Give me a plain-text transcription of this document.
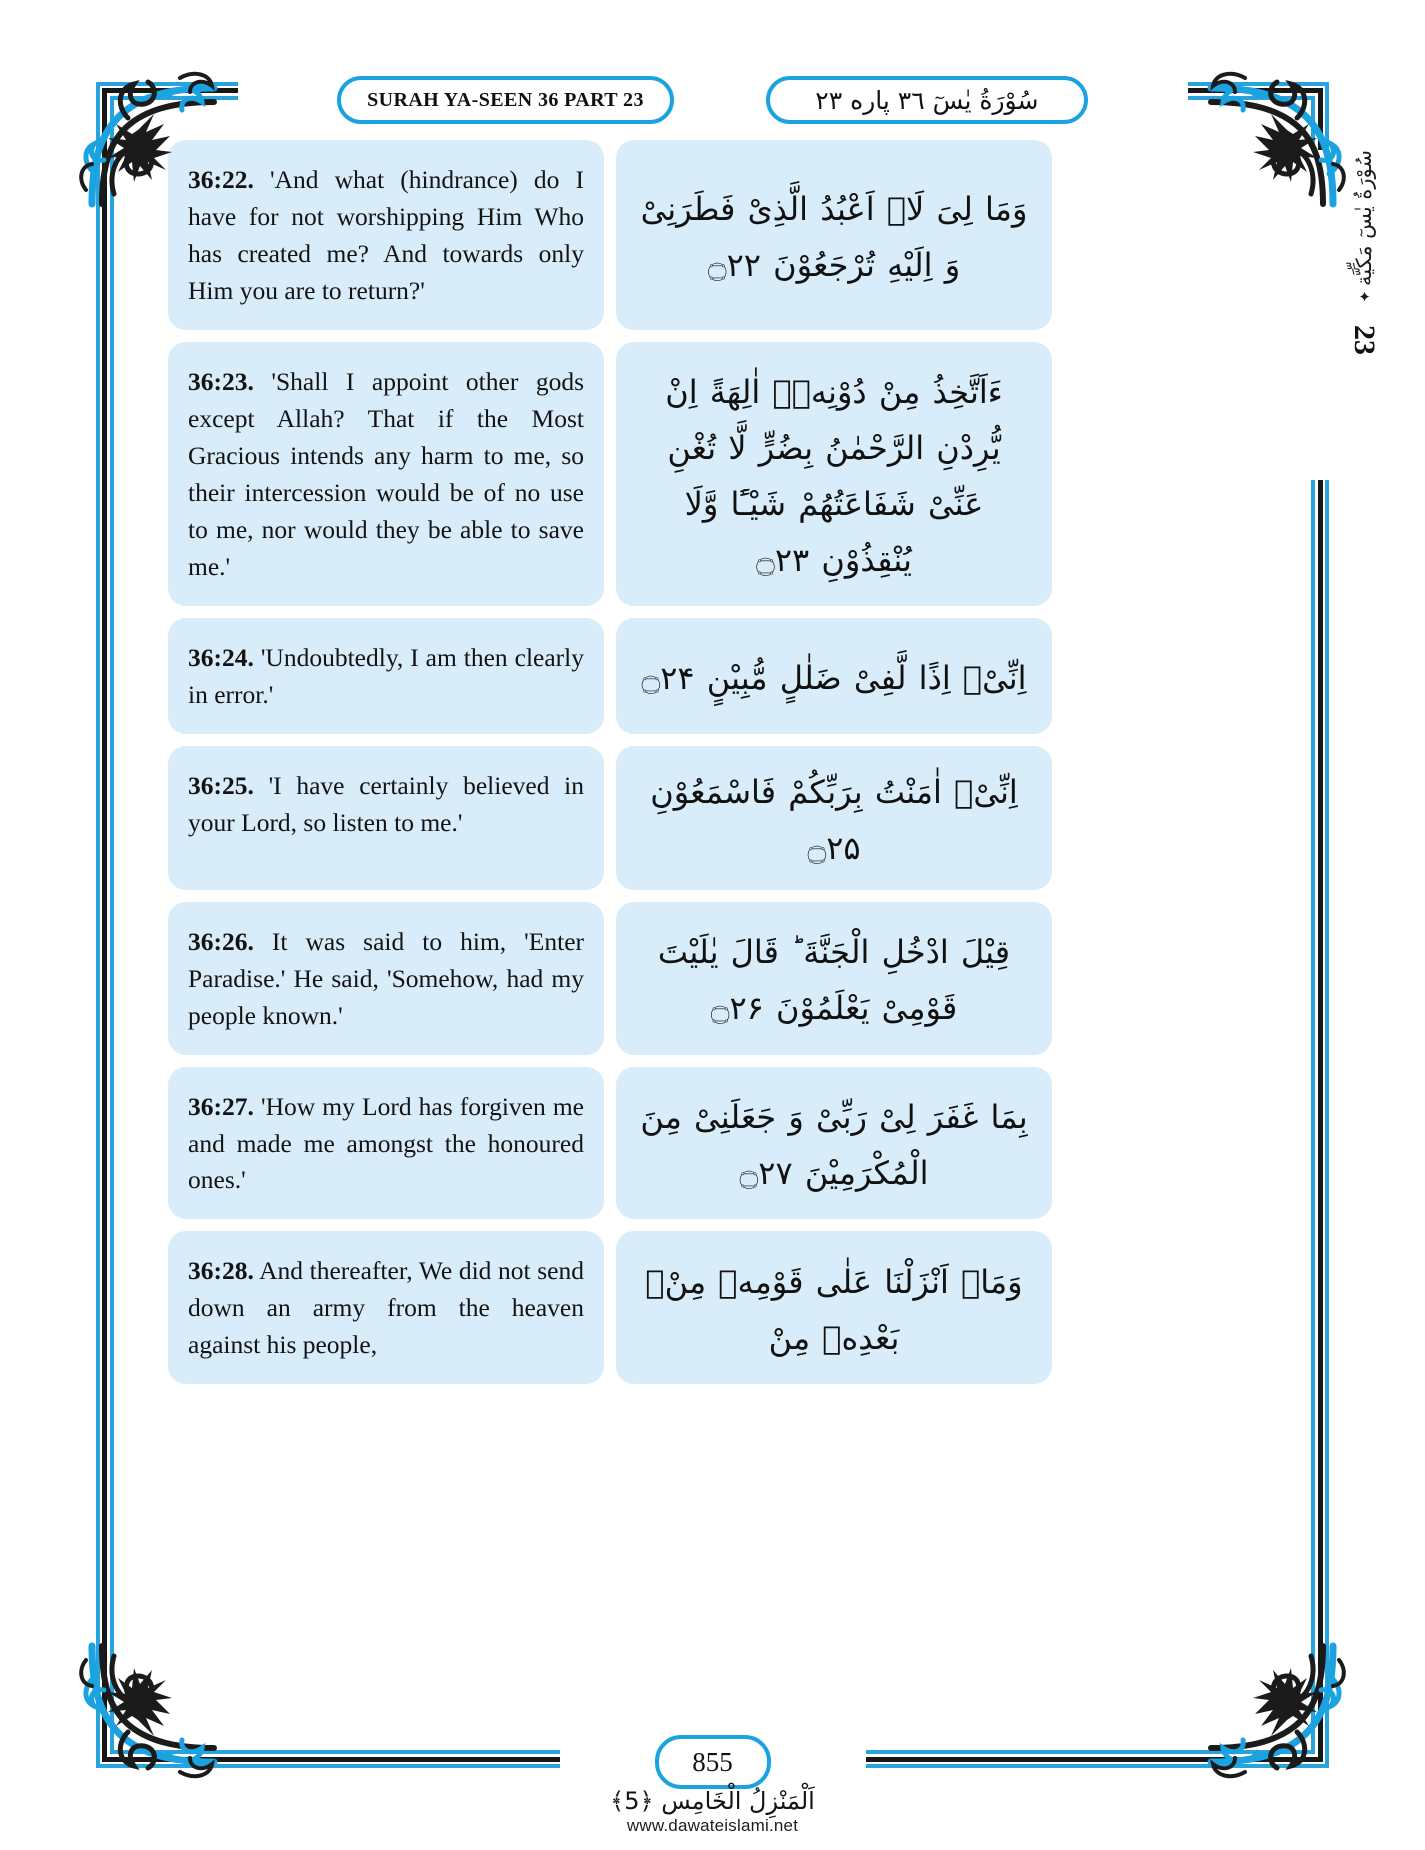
SURAH YA-SEEN 36 PART 23	سُوْرَةُ يٰسٓ ٣٦ پاره ٢٣
سُوْرَةُ يٰسٓ مَكِّيَّة
✦
23

36:22. 'And what (hindrance) do I have for not worshipping Him Who has created me? And towards only Him you are to return?'

وَمَا لِیَ لَاۤ اَعْبُدُ الَّذِیْ فَطَرَنِیْ وَ اِلَیْهِ تُرْجَعُوْنَ ۝۲۲

36:23. 'Shall I appoint other gods except Allah? That if the Most Gracious intends any harm to me, so their intercession would be of no use to me, nor would they be able to save me.'

ءَاَتَّخِذُ مِنْ دُوْنِهٖۤ اٰلِهَةً اِنْ یُّرِدْنِ الرَّحْمٰنُ بِضُرٍّ لَّا تُغْنِ عَنِّیْ شَفَاعَتُهُمْ شَیْـًٔا وَّلَا یُنْقِذُوْنِ ۝۲۳

36:24. 'Undoubtedly, I am then clearly in error.'	اِنِّیْۤ اِذًا لَّفِیْ ضَلٰلٍ مُّبِیْنٍ ۝۲۴

36:25. 'I have certainly believed in your Lord, so listen to me.'

اِنِّیْۤ اٰمَنْتُ بِرَبِّكُمْ فَاسْمَعُوْنِ ۝۲۵

36:26. It was said to him, 'Enter Paradise.' He said, 'Somehow, had my people known.'

قِیْلَ ادْخُلِ الْجَنَّةَ ؕ قَالَ یٰلَیْتَ قَوْمِیْ یَعْلَمُوْنَ ۝۲۶

36:27. 'How my Lord has forgiven me and made me amongst the honoured ones.'

بِمَا غَفَرَ لِیْ رَبِّیْ وَ جَعَلَنِیْ مِنَ الْمُكْرَمِیْنَ ۝۲۷

36:28. And thereafter, We did not send down an army from the heaven against his people,

وَمَاۤ اَنْزَلْنَا عَلٰى قَوْمِهٖ مِنْۢ بَعْدِهٖ مِنْ

855
اَلْمَنْزِلُ الْخَامِس ﴿5﴾
www.dawateislami.net
